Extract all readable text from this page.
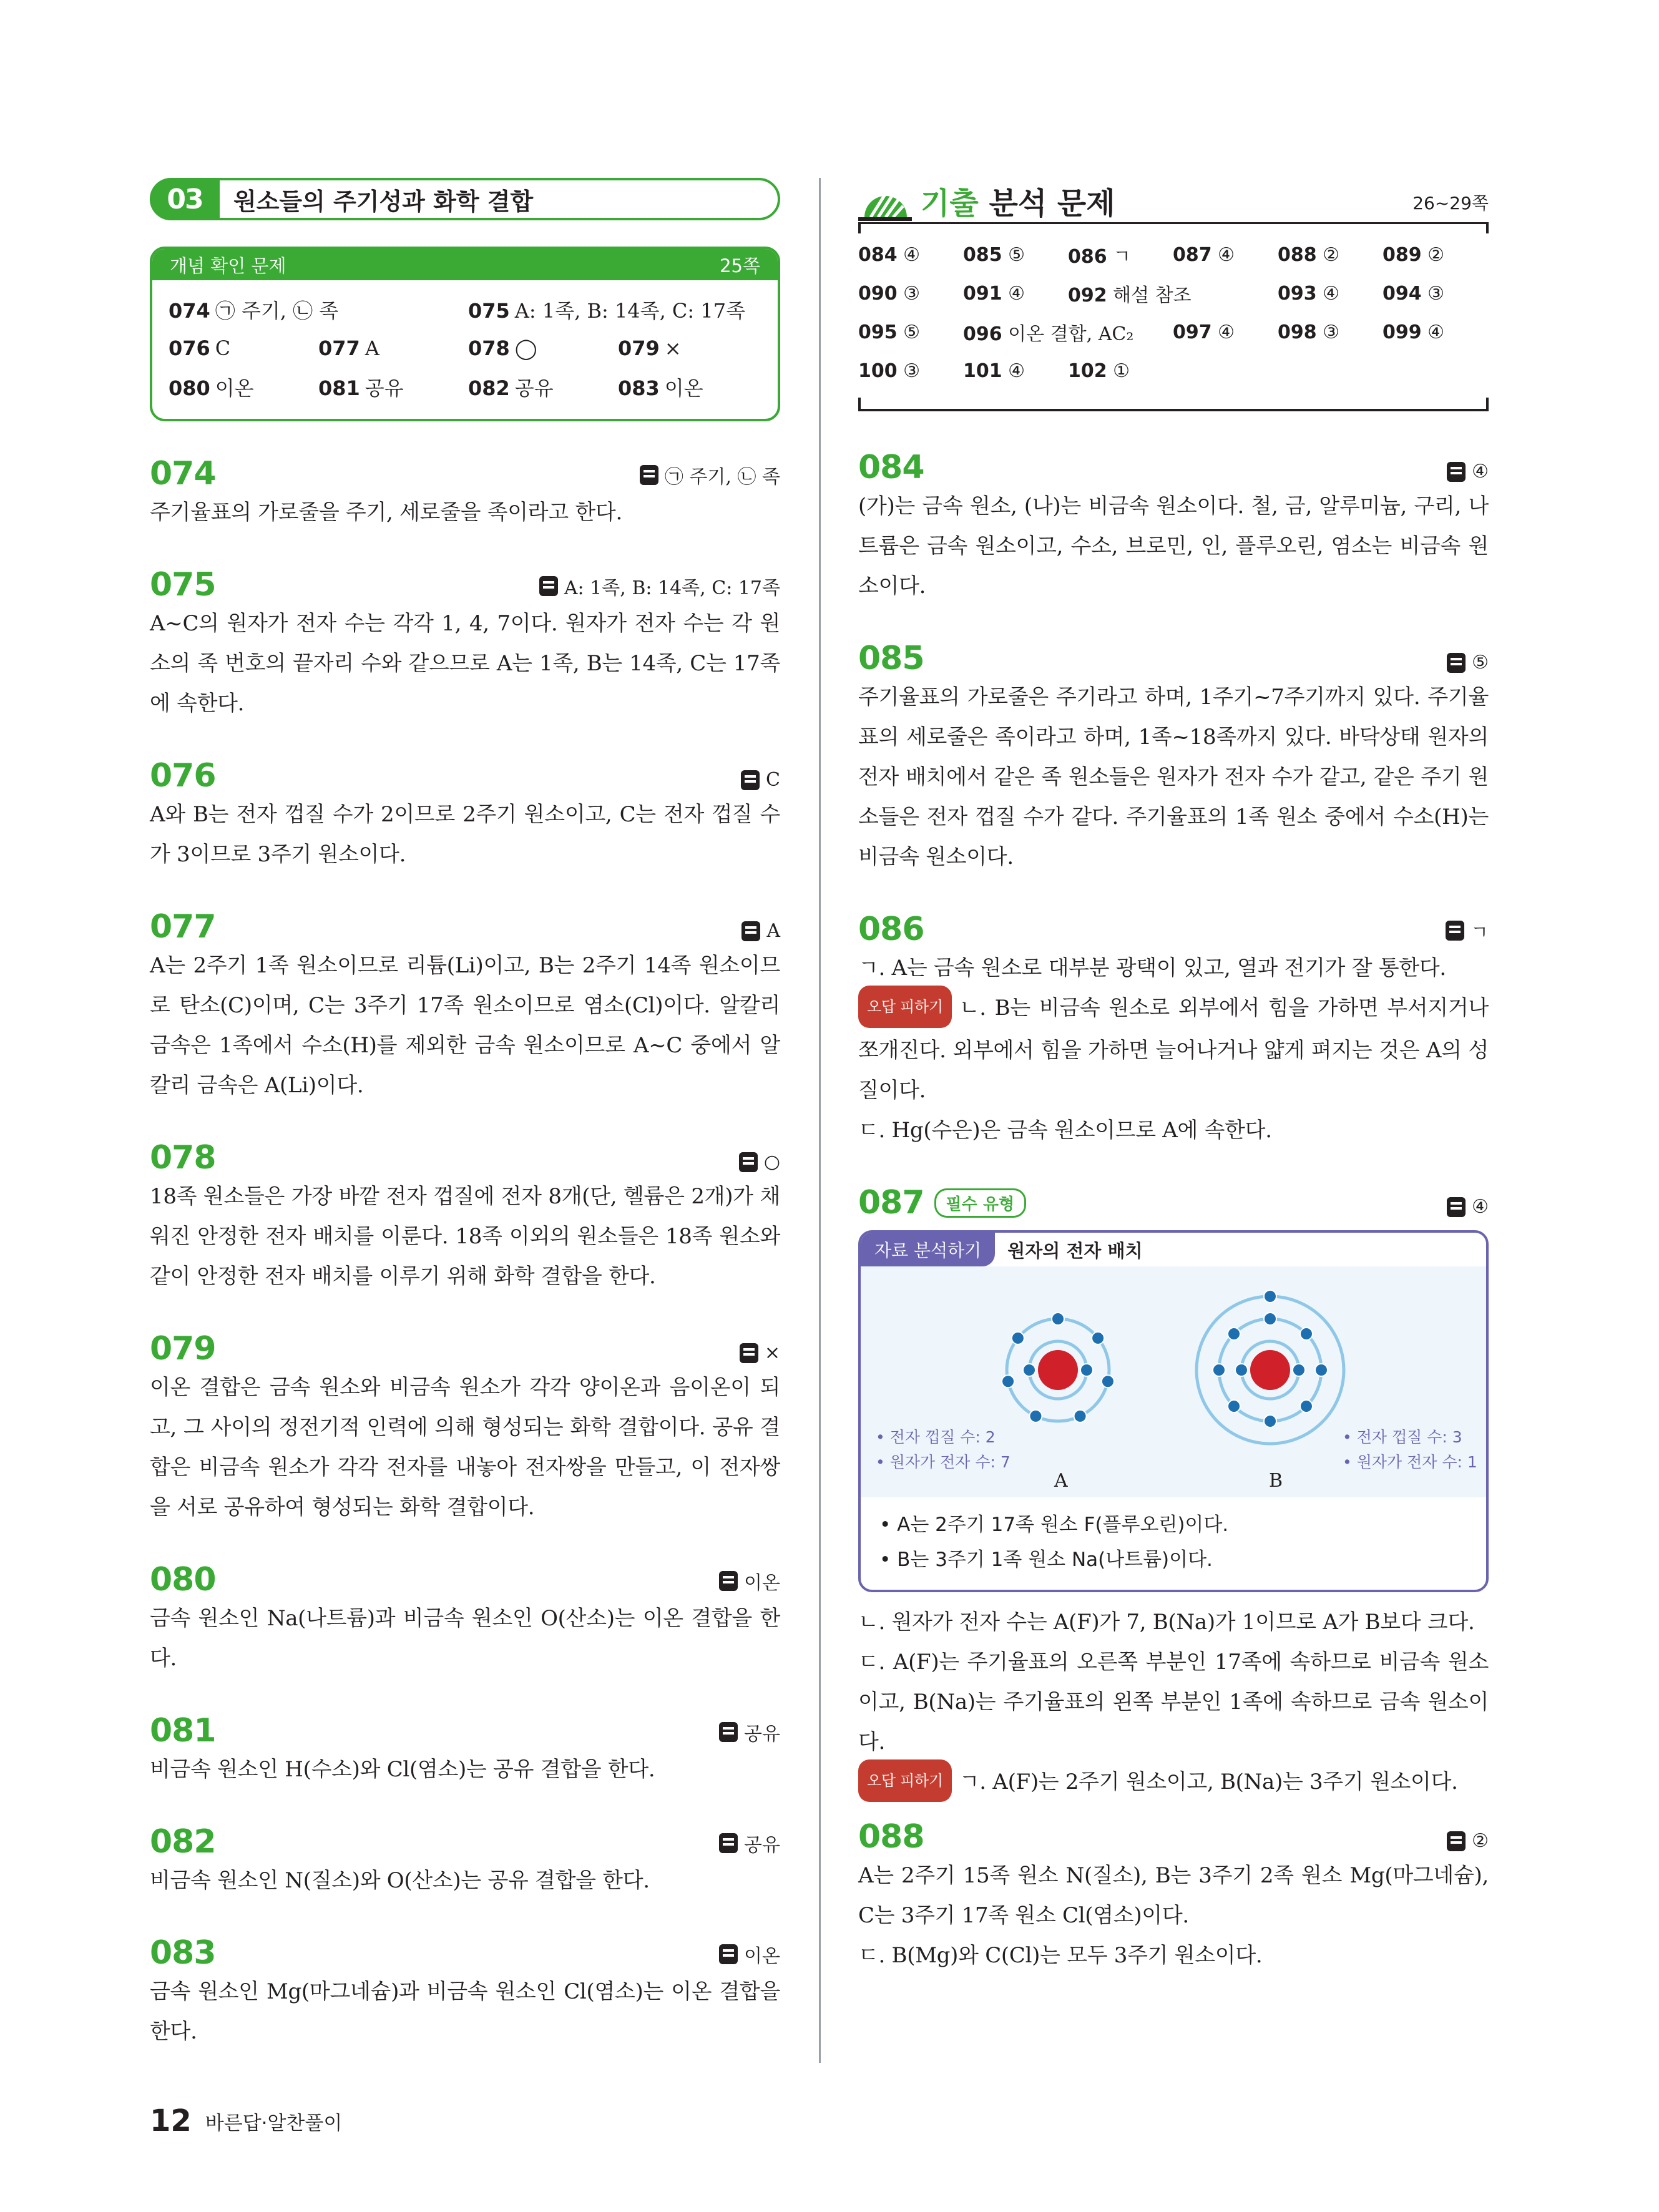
03	원소들의 주기성과 화학 결합
개념 확인 문제	25쪽
074 ㉠ 주기, ㉡ 족	075 A: 1족, B: 14족, C: 17족
076 C	077 A	078 ◯	079 ×
080 이온	081 공유	082 공유	083 이온
074	㉠ 주기, ㉡ 족

주기율표의 가로줄을 주기, 세로줄을 족이라고 한다.

075	A: 1족, B: 14족, C: 17족

A~C의 원자가 전자 수는 각각 1, 4, 7이다. 원자가 전자 수는 각 원소의 족 번호의 끝자리 수와 같으므로 A는 1족, B는 14족, C는 17족에 속한다.

076	C

A와 B는 전자 껍질 수가 2이므로 2주기 원소이고, C는 전자 껍질 수가 3이므로 3주기 원소이다.

077	A

A는 2주기 1족 원소이므로 리튬(Li)이고, B는 2주기 14족 원소이므로 탄소(C)이며, C는 3주기 17족 원소이므로 염소(Cl)이다. 알칼리 금속은 1족에서 수소(H)를 제외한 금속 원소이므로 A~C 중에서 알칼리 금속은 A(Li)이다.

078	○

18족 원소들은 가장 바깥 전자 껍질에 전자 8개(단, 헬륨은 2개)가 채워진 안정한 전자 배치를 이룬다. 18족 이외의 원소들은 18족 원소와 같이 안정한 전자 배치를 이루기 위해 화학 결합을 한다.

079	×

이온 결합은 금속 원소와 비금속 원소가 각각 양이온과 음이온이 되고, 그 사이의 정전기적 인력에 의해 형성되는 화학 결합이다. 공유 결합은 비금속 원소가 각각 전자를 내놓아 전자쌍을 만들고, 이 전자쌍을 서로 공유하여 형성되는 화학 결합이다.

080	이온

금속 원소인 Na(나트륨)과 비금속 원소인 O(산소)는 이온 결합을 한다.

081	공유

비금속 원소인 H(수소)와 Cl(염소)는 공유 결합을 한다.

082	공유

비금속 원소인 N(질소)와 O(산소)는 공유 결합을 한다.

083	이온

금속 원소인 Mg(마그네슘)과 비금속 원소인 Cl(염소)는 이온 결합을 한다.

기출 분석 문제	26~29쪽
084 ④	085 ⑤	086 ㄱ	087 ④	088 ②	089 ②
090 ③	091 ④	092 해설 참조	093 ④	094 ③
095 ⑤	096 이온 결합, AC₂	097 ④	098 ③	099 ④
100 ③	101 ④	102 ①
084	④

(가)는 금속 원소, (나)는 비금속 원소이다. 철, 금, 알루미늄, 구리, 나트륨은 금속 원소이고, 수소, 브로민, 인, 플루오린, 염소는 비금속 원소이다.

085	⑤

주기율표의 가로줄은 주기라고 하며, 1주기~7주기까지 있다. 주기율표의 세로줄은 족이라고 하며, 1족~18족까지 있다. 바닥상태 원자의 전자 배치에서 같은 족 원소들은 원자가 전자 수가 같고, 같은 주기 원소들은 전자 껍질 수가 같다. 주기율표의 1족 원소 중에서 수소(H)는 비금속 원소이다.

086	ㄱ

ㄱ. A는 금속 원소로 대부분 광택이 있고, 열과 전기가 잘 통한다.

오답 피하기 ㄴ. B는 비금속 원소로 외부에서 힘을 가하면 부서지거나 쪼개진다. 외부에서 힘을 가하면 늘어나거나 얇게 펴지는 것은 A의 성질이다.

ㄷ. Hg(수은)은 금속 원소이므로 A에 속한다.

087	필수 유형	④
자료 분석하기	원자의 전자 배치
• 전자 껍질 수: 2
• 원자가 전자 수: 7
• 전자 껍질 수: 3
• 원자가 전자 수: 1
A	B
• A는 2주기 17족 원소 F(플루오린)이다.
• B는 3주기 1족 원소 Na(나트륨)이다.

ㄴ. 원자가 전자 수는 A(F)가 7, B(Na)가 1이므로 A가 B보다 크다.

ㄷ. A(F)는 주기율표의 오른쪽 부분인 17족에 속하므로 비금속 원소이고, B(Na)는 주기율표의 왼쪽 부분인 1족에 속하므로 금속 원소이다.

오답 피하기 ㄱ. A(F)는 2주기 원소이고, B(Na)는 3주기 원소이다.

088	②

A는 2주기 15족 원소 N(질소), B는 3주기 2족 원소 Mg(마그네슘), C는 3주기 17족 원소 Cl(염소)이다.

ㄷ. B(Mg)와 C(Cl)는 모두 3주기 원소이다.

12 바른답·알찬풀이
